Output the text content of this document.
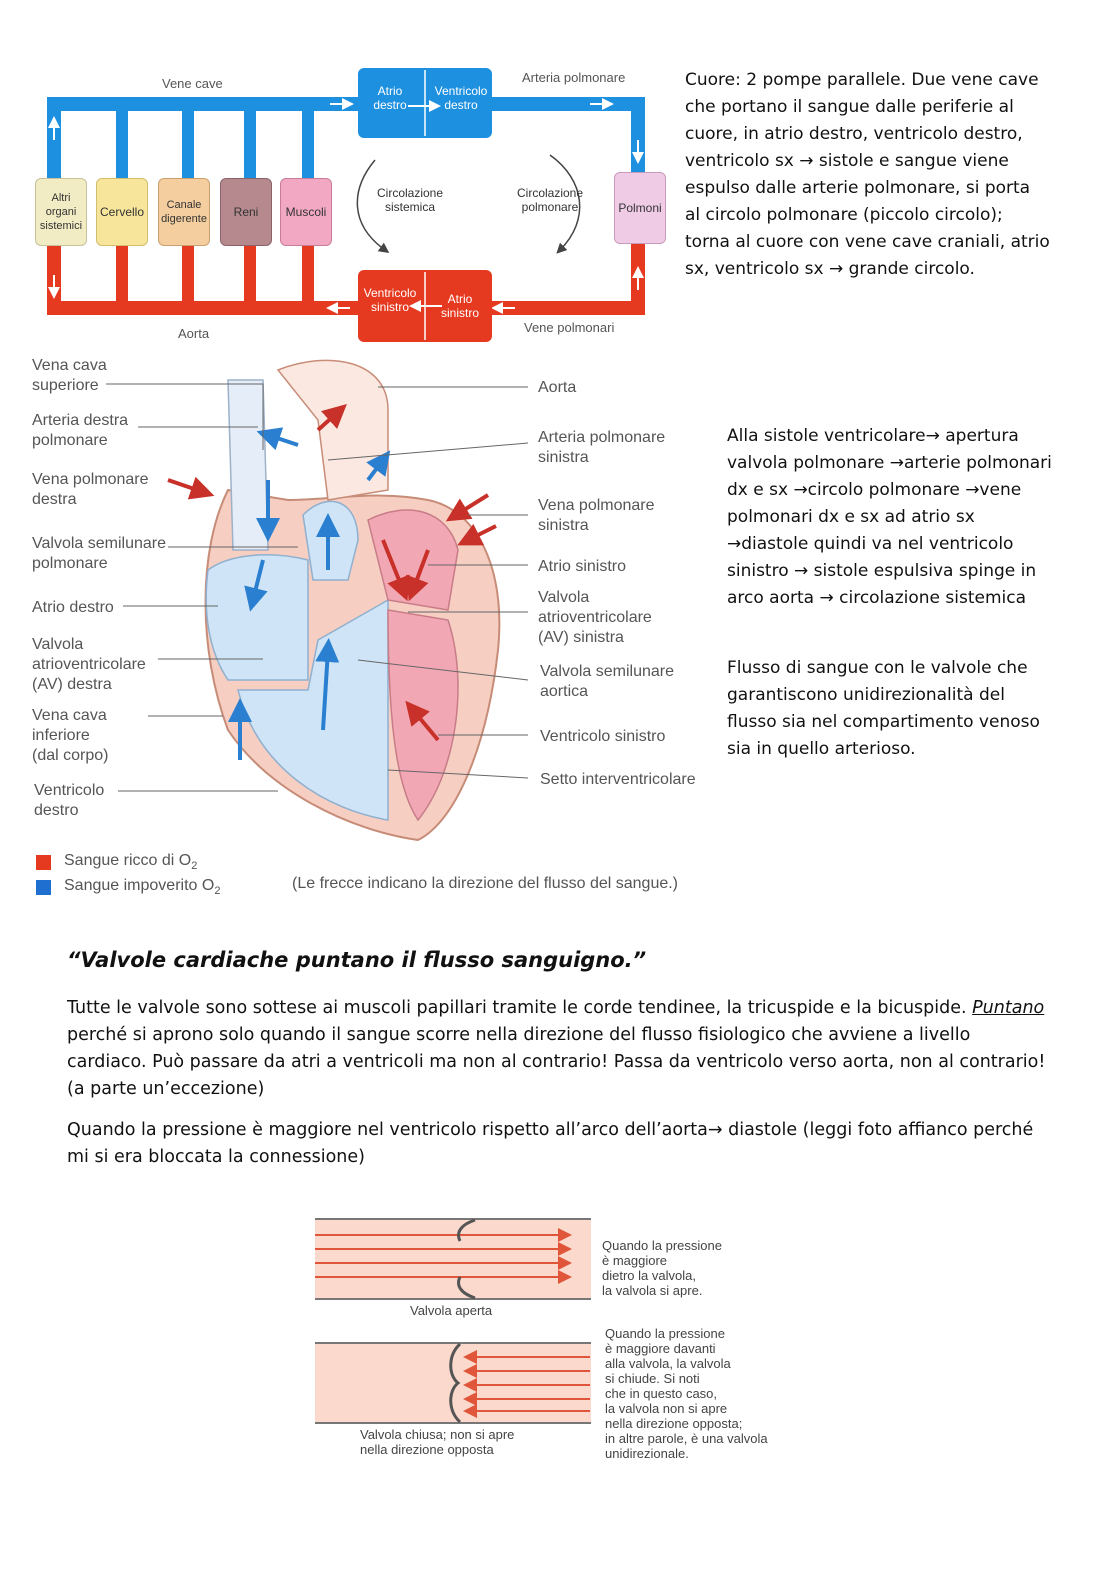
Vene cave	Arteria polmonare
Aorta	Vene polmonari
Atrio
destro
Ventricolo
destro
Ventricolo
sinistro
Atrio
sinistro
Circolazione
sistemica
Circolazione
polmonare
Altri
organi
sistemici
Cervello	Canale
digerente	Reni	Muscoli	Polmoni
Cuore: 2 pompe parallele. Due vene cave che portano il sangue dalle periferie al cuore, in atrio destro, ventricolo destro, ventricolo sx → sistole e sangue viene espulso dalle arterie polmonare, si porta al circolo polmonare (piccolo circolo); torna al cuore con vene cave craniali, atrio sx, ventricolo sx → grande circolo.
Vena cava
superiore
Arteria destra
polmonare
Vena polmonare
destra
Valvola semilunare
polmonare
Atrio destro
Valvola
atrioventricolare
(AV) destra
Vena cava
inferiore
(dal corpo)
Ventricolo
destro
Aorta
Arteria polmonare
sinistra
Vena polmonare
sinistra
Atrio sinistro
Valvola
atrioventricolare
(AV) sinistra
Valvola semilunare
aortica
Ventricolo sinistro
Setto interventricolare
Sangue ricco di $O_2$
Sangue impoverito $O_2$	(Le frecce indicano la direzione del flusso del sangue.)
Alla sistole ventricolare→ apertura valvola polmonare →arterie polmonari dx e sx →circolo polmonare →vene polmonari dx e sx ad atrio sx →diastole quindi va nel ventricolo sinistro → sistole espulsiva spinge in arco aorta → circolazione sistemica
Flusso di sangue con le valvole che garantiscono unidirezionalità del flusso sia nel compartimento venoso sia in quello arterioso.
“Valvole cardiache puntano il flusso sanguigno.”
Tutte le valvole sono sottese ai muscoli papillari tramite le corde tendinee, la tricuspide e la bicuspide. Puntano perché si aprono solo quando il sangue scorre nella direzione del flusso fisiologico che avviene a livello cardiaco. Può passare da atri a ventricoli ma non al contrario! Passa da ventricolo verso aorta, non al contrario! (a parte un’eccezione)
Quando la pressione è maggiore nel ventricolo rispetto all’arco dell’aorta→ diastole (leggi foto affianco perché mi si era bloccata la connessione)
Valvola aperta
Valvola chiusa; non si apre
nella direzione opposta
Quando la pressione
è maggiore
dietro la valvola,
la valvola si apre.
Quando la pressione
è maggiore davanti
alla valvola, la valvola
si chiude. Si noti
che in questo caso,
la valvola non si apre
nella direzione opposta;
in altre parole, è una valvola
unidirezionale.
